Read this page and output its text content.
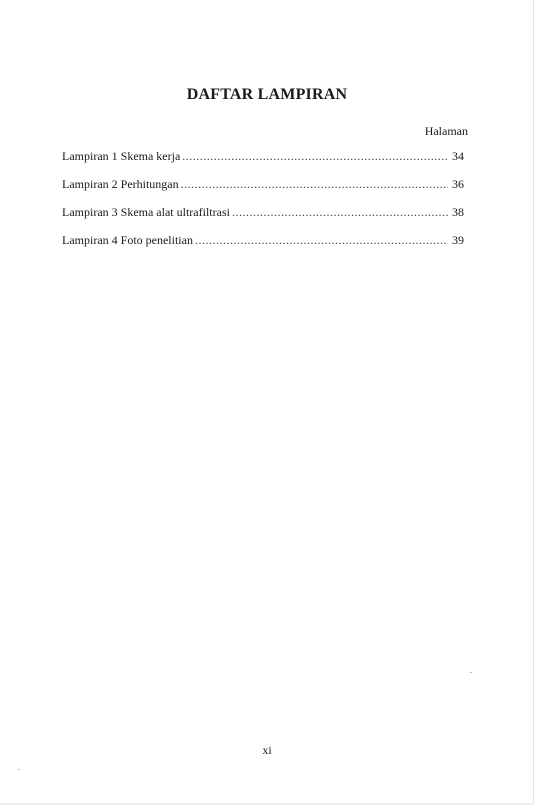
DAFTAR LAMPIRAN
Halaman
Lampiran 1 Skema kerja .....	34
Lampiran 2 Perhitungan .....	36
Lampiran 3 Skema alat ultrafiltrasi .....	38
Lampiran 4 Foto penelitian .....	39
xi
